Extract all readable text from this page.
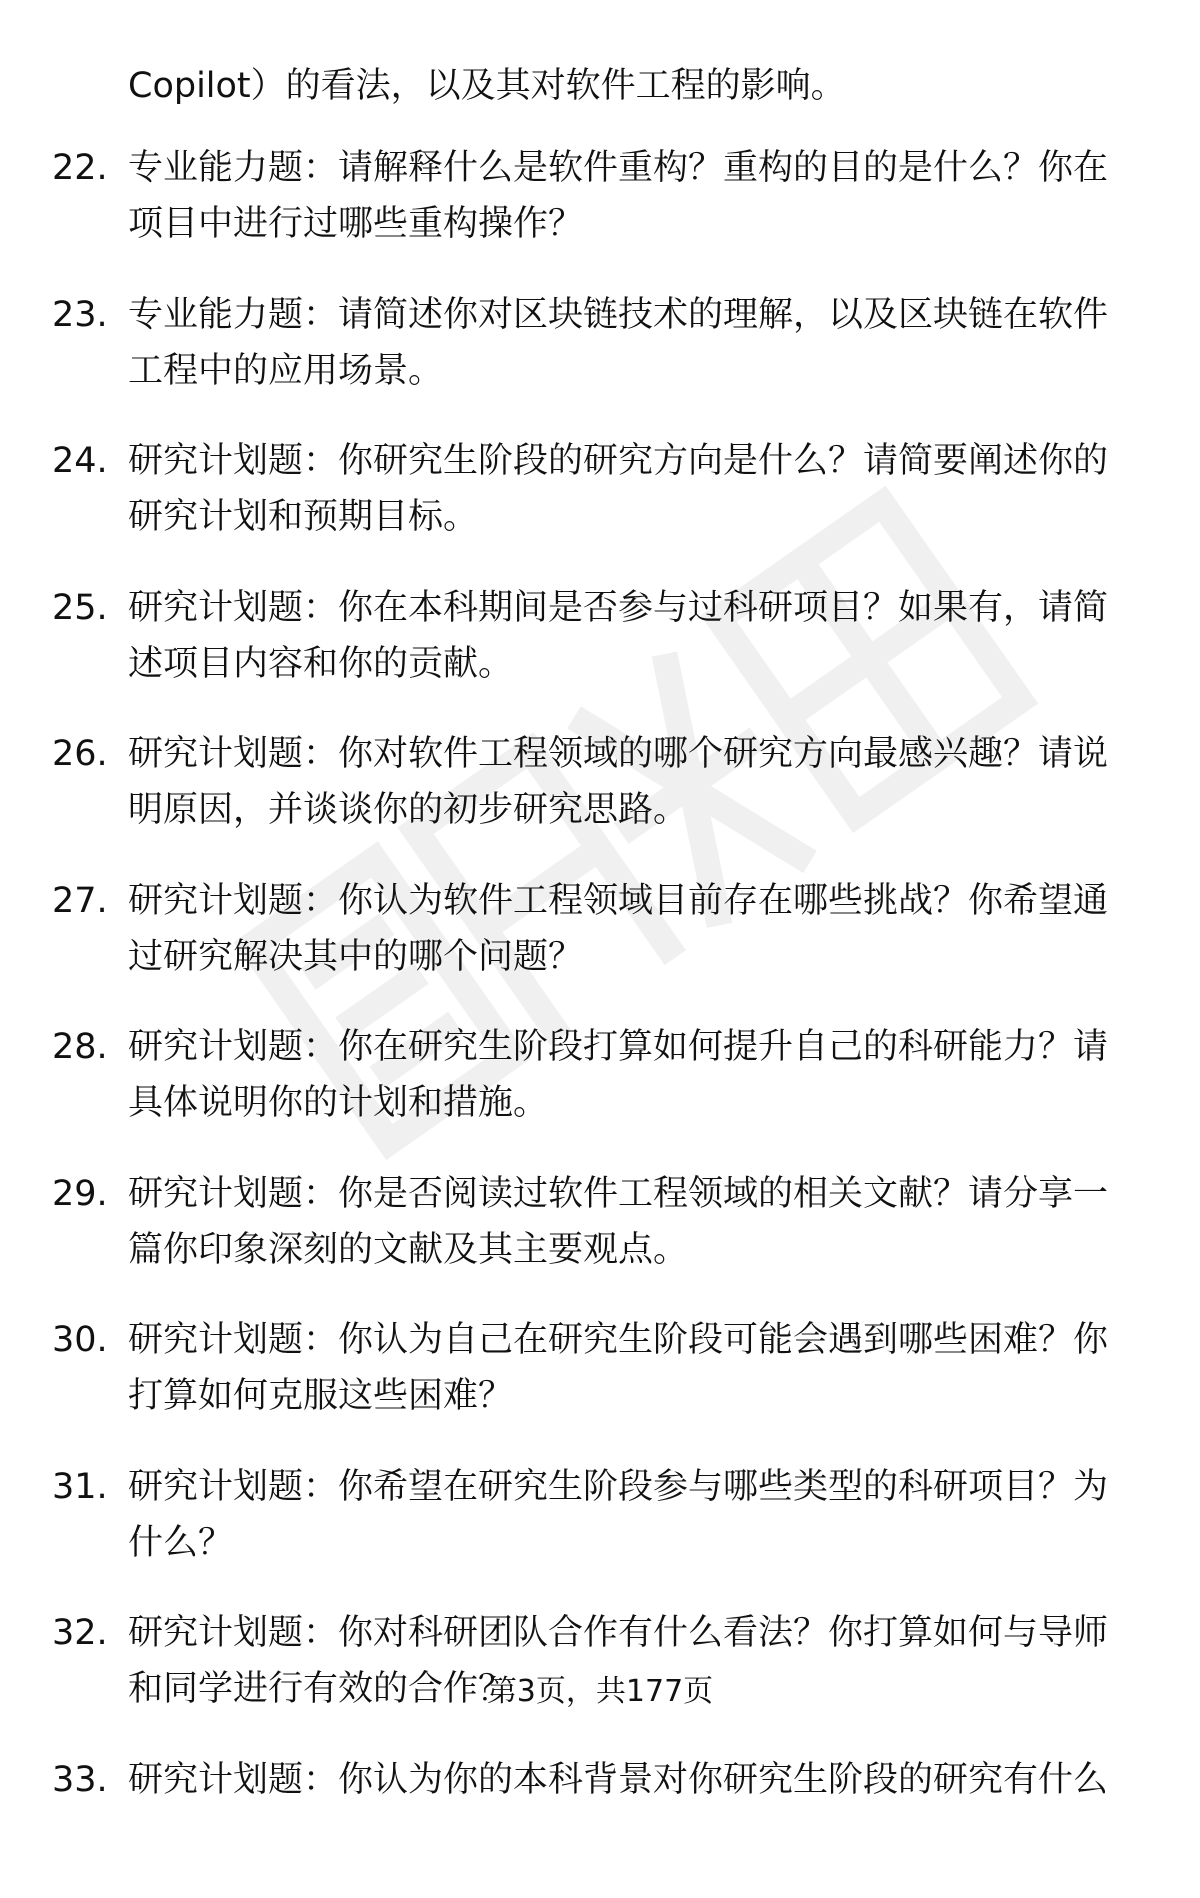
Copilot）的看法，以及其对软件工程的影响。
22. 专业能力题：请解释什么是软件重构？重构的目的是什么？你在
项目中进行过哪些重构操作？
23. 专业能力题：请简述你对区块链技术的理解，以及区块链在软件
工程中的应用场景。
24. 研究计划题：你研究生阶段的研究方向是什么？请简要阐述你的
研究计划和预期目标。
25. 研究计划题：你在本科期间是否参与过科研项目？如果有，请简
述项目内容和你的贡献。
26. 研究计划题：你对软件工程领域的哪个研究方向最感兴趣？请说
明原因，并谈谈你的初步研究思路。
27. 研究计划题：你认为软件工程领域目前存在哪些挑战？你希望通
过研究解决其中的哪个问题？
28. 研究计划题：你在研究生阶段打算如何提升自己的科研能力？请
具体说明你的计划和措施。
29. 研究计划题：你是否阅读过软件工程领域的相关文献？请分享一
篇你印象深刻的文献及其主要观点。
30. 研究计划题：你认为自己在研究生阶段可能会遇到哪些困难？你
打算如何克服这些困难？
31. 研究计划题：你希望在研究生阶段参与哪些类型的科研项目？为
什么？
32. 研究计划题：你对科研团队合作有什么看法？你打算如何与导师
和同学进行有效的合作？
33. 研究计划题：你认为你的本科背景对你研究生阶段的研究有什么
第3页，共177页
